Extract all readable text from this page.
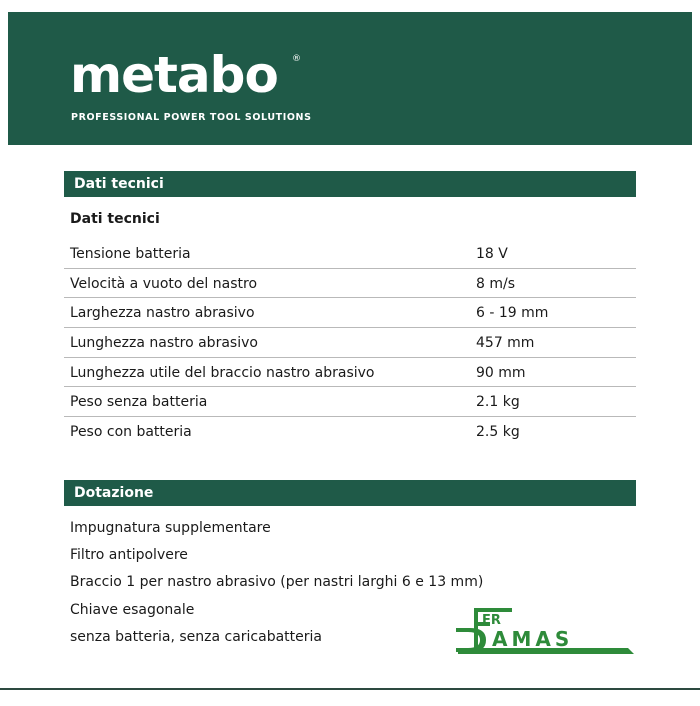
metabo ®
PROFESSIONAL POWER TOOL SOLUTIONS
Dati tecnici
Dati tecnici
Tensione batteria	18 V
Velocità a vuoto del nastro	8 m/s
Larghezza nastro abrasivo	6 - 19 mm
Lunghezza nastro abrasivo	457 mm
Lunghezza utile del braccio nastro abrasivo	90 mm
Peso senza batteria	2.1 kg
Peso con batteria	2.5 kg
Dotazione
Impugnatura supplementare
Filtro antipolvere
Braccio 1 per nastro abrasivo (per nastri larghi 6 e 13 mm)
Chiave esagonale
senza batteria, senza caricabatteria
ER
AMAS
